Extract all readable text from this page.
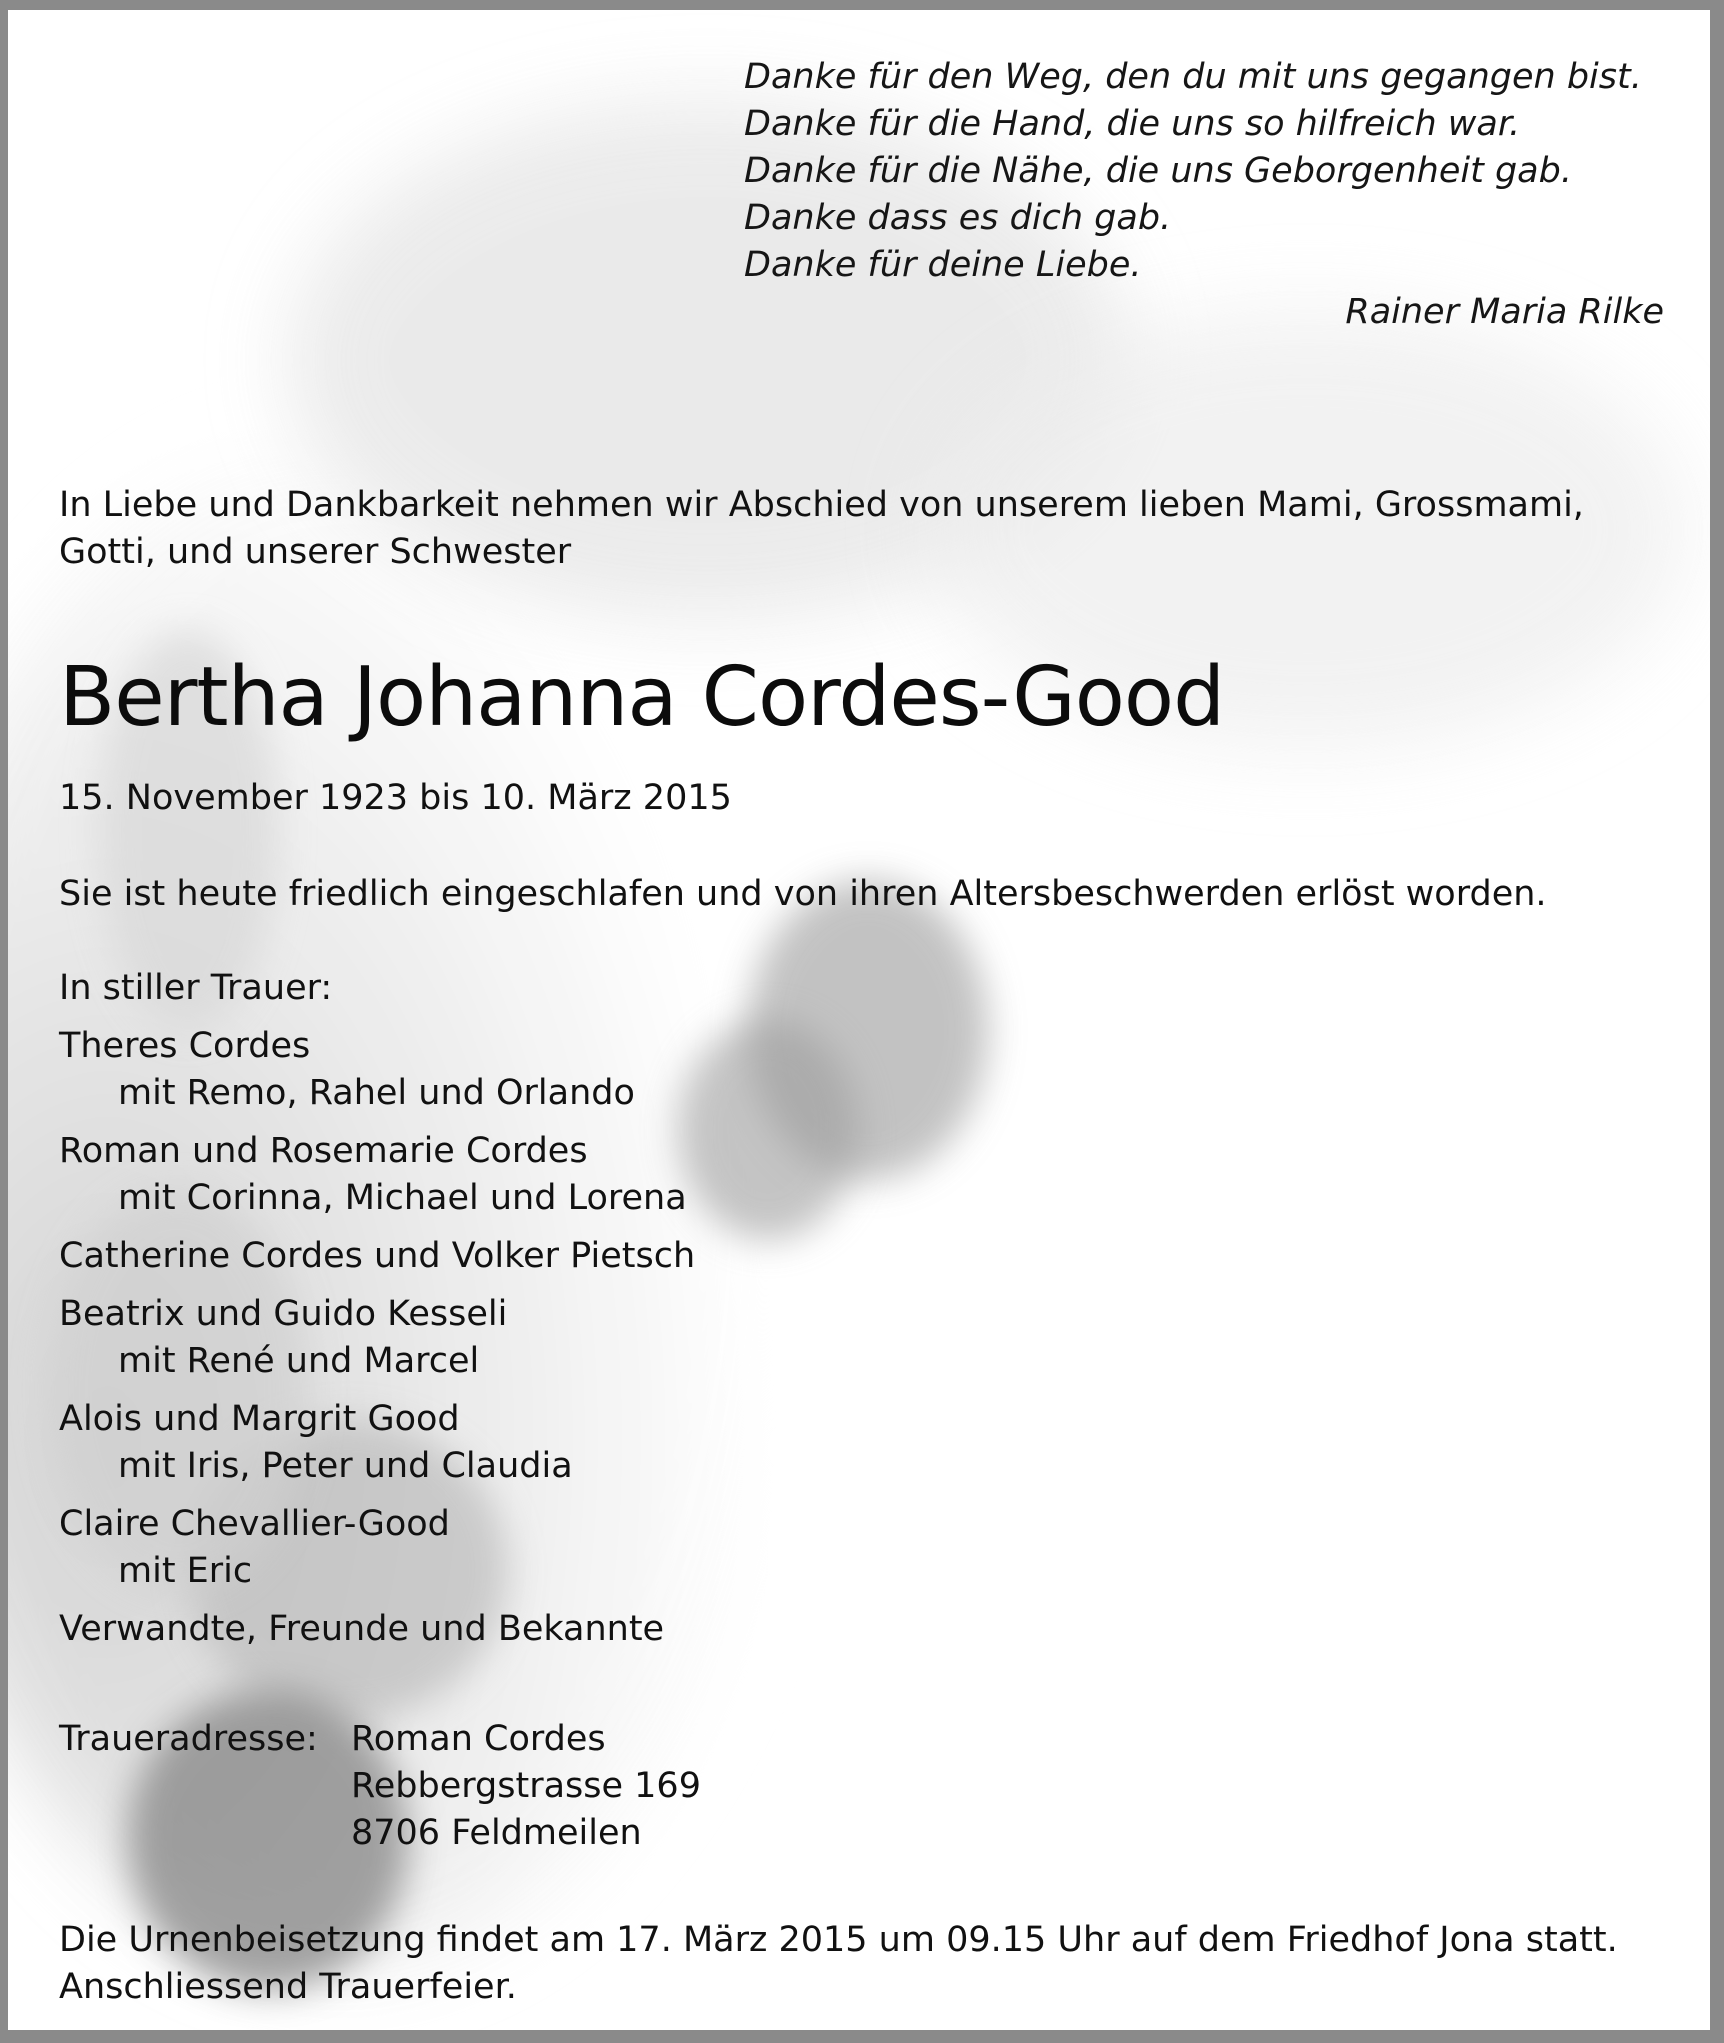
Danke für den Weg, den du mit uns gegangen bist.
Danke für die Hand, die uns so hilfreich war.
Danke für die Nähe, die uns Geborgenheit gab.
Danke dass es dich gab.
Danke für deine Liebe.
Rainer Maria Rilke
In Liebe und Dankbarkeit nehmen wir Abschied von unserem lieben Mami, Grossmami,
Gotti, und unserer Schwester
Bertha Johanna Cordes-Good
15. November 1923 bis 10. März 2015
Sie ist heute friedlich eingeschlafen und von ihren Altersbeschwerden erlöst worden.
In stiller Trauer:
Theres Cordes
mit Remo, Rahel und Orlando
Roman und Rosemarie Cordes
mit Corinna, Michael und Lorena
Catherine Cordes und Volker Pietsch
Beatrix und Guido Kesseli
mit René und Marcel
Alois und Margrit Good
mit Iris, Peter und Claudia
Claire Chevallier-Good
mit Eric
Verwandte, Freunde und Bekannte
Traueradresse: Roman Cordes
Rebbergstrasse 169
8706 Feldmeilen
Die Urnenbeisetzung findet am 17. März 2015 um 09.15 Uhr auf dem Friedhof Jona statt.
Anschliessend Trauerfeier.
